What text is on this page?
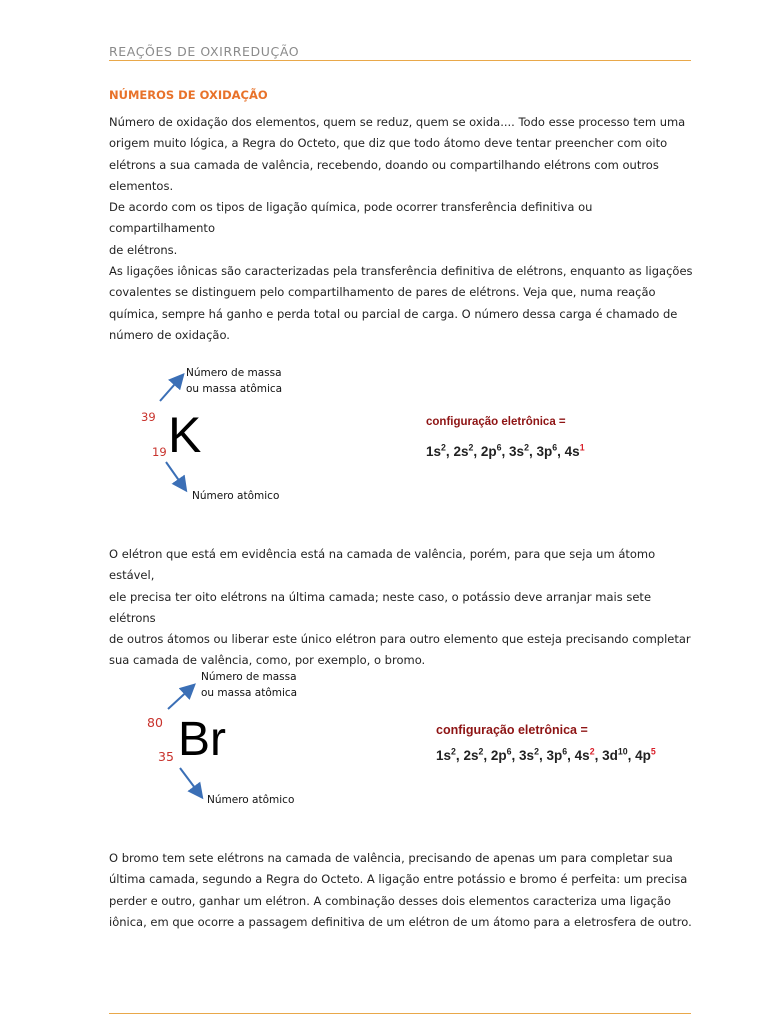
REAÇÕES DE OXIRREDUÇÃO
NÚMEROS DE OXIDAÇÃO
Número de oxidação dos elementos, quem se reduz, quem se oxida.... Todo esse processo tem uma
origem muito lógica, a Regra do Octeto, que diz que todo átomo deve tentar preencher com oito
elétrons a sua camada de valência, recebendo, doando ou compartilhando elétrons com outros
elementos.
De acordo com os tipos de ligação química, pode ocorrer transferência definitiva ou compartilhamento
de elétrons.
As ligações iônicas são caracterizadas pela transferência definitiva de elétrons, enquanto as ligações
covalentes se distinguem pelo compartilhamento de pares de elétrons. Veja que, numa reação
química, sempre há ganho e perda total ou parcial de carga. O número dessa carga é chamado de
número de oxidação.
Número de massa
ou massa atômica
39
19 K
Número atômico
configuração eletrônica =
$1s^2$, $2s^2$, $2p^6$, $3s^2$, $3p^6$, $4s^1$
O elétron que está em evidência está na camada de valência, porém, para que seja um átomo estável,
ele precisa ter oito elétrons na última camada; neste caso, o potássio deve arranjar mais sete elétrons
de outros átomos ou liberar este único elétron para outro elemento que esteja precisando completar
sua camada de valência, como, por exemplo, o bromo.
Número de massa
ou massa atômica
80
35 Br
Número atômico
configuração eletrônica =
$1s^2$, $2s^2$, $2p^6$, $3s^2$, $3p^6$, $4s^2$, $3d^{10}$, $4p^5$
O bromo tem sete elétrons na camada de valência, precisando de apenas um para completar sua
última camada, segundo a Regra do Octeto. A ligação entre potássio e bromo é perfeita: um precisa
perder e outro, ganhar um elétron. A combinação desses dois elementos caracteriza uma ligação
iônica, em que ocorre a passagem definitiva de um elétron de um átomo para a eletrosfera de outro.
